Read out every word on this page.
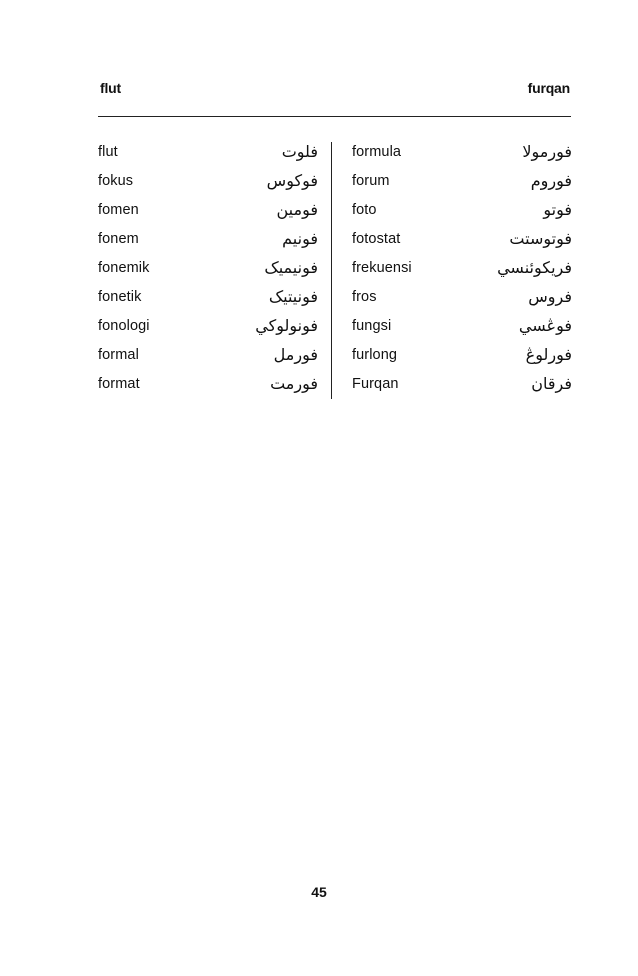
flut	furqan
flut	فلوت
fokus	فوكوس
fomen	فومين
fonem	فونيم
fonemik	فونيميک
fonetik	فونيتيک
fonologi	فونولوكي
formal	فورمل
format	فورمت
formula	فورمولا
forum	فوروم
foto	فوتو
fotostat	فوتوستت
frekuensi	فريكوئنسي
fros	فروس
fungsi	فوڠسي
furlong	فورلوڠ
Furqan	فرقان
45
